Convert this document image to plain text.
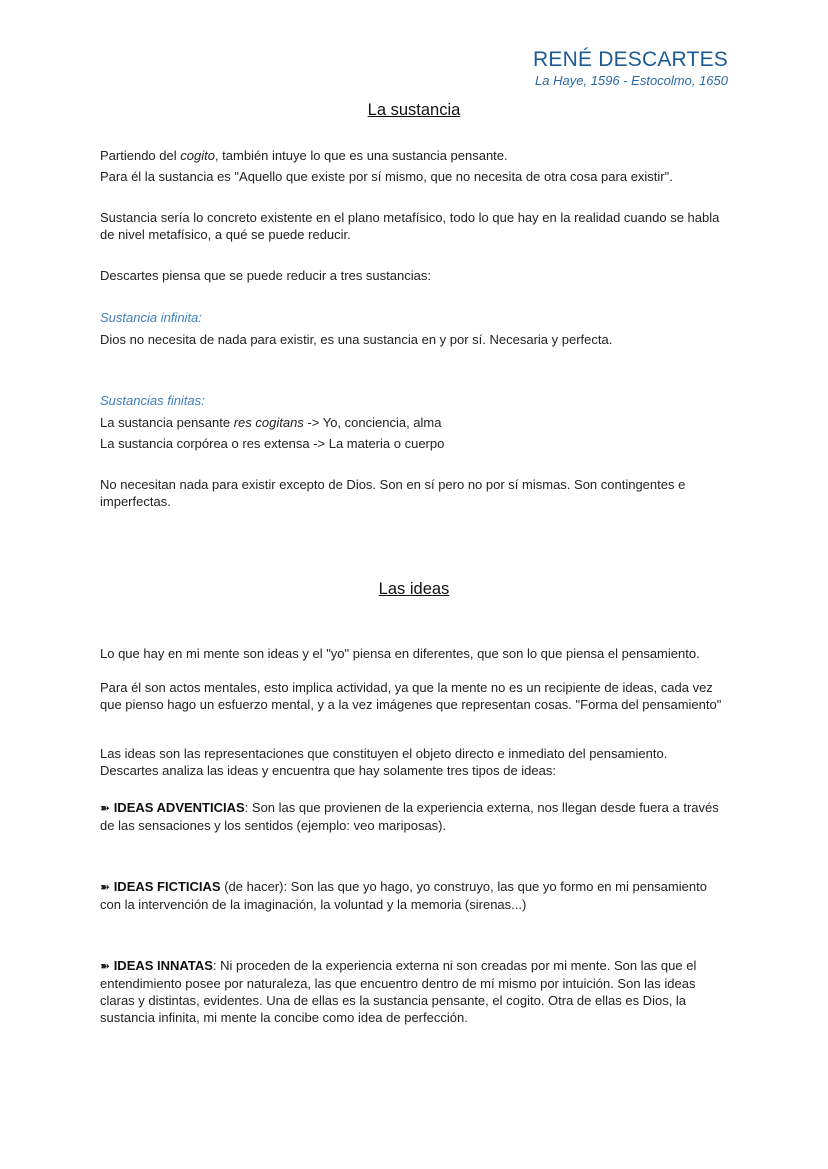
RENÉ DESCARTES
La Haye, 1596 - Estocolmo, 1650
La sustancia
Partiendo del cogito, también intuye lo que es una sustancia pensante.
Para él la sustancia es "Aquello que existe por sí mismo, que no necesita de otra cosa para existir".
Sustancia sería lo concreto existente en el plano metafísico, todo lo que hay en la realidad cuando se habla de nivel metafísico, a qué se puede reducir.
Descartes piensa que se puede reducir a tres sustancias:
Sustancia infinita:
Dios no necesita de nada para existir, es una sustancia en y por sí. Necesaria y perfecta.
Sustancias finitas:
La sustancia pensante res cogitans -> Yo, conciencia, alma
La sustancia corpórea o res extensa -> La materia o cuerpo
No necesitan nada para existir excepto de Dios. Son en sí pero no por sí mismas. Son contingentes e imperfectas.
Las ideas
Lo que hay en mi mente son ideas y el "yo" piensa en diferentes, que son lo que piensa el pensamiento.
Para él son actos mentales, esto implica actividad, ya que la mente no es un recipiente de ideas, cada vez que pienso hago un esfuerzo mental, y a la vez imágenes que representan cosas. "Forma del pensamiento"
Las ideas son las representaciones que constituyen el objeto directo e inmediato del pensamiento.
Descartes analiza las ideas y encuentra que hay solamente tres tipos de ideas:
➽ IDEAS ADVENTICIAS: Son las que provienen de la experiencia externa, nos llegan desde fuera a través de las sensaciones y los sentidos (ejemplo: veo mariposas).
➽ IDEAS FICTICIAS (de hacer): Son las que yo hago, yo construyo, las que yo formo en mi pensamiento con la intervención de la imaginación, la voluntad y la memoria (sirenas...)
➽ IDEAS INNATAS: Ni proceden de la experiencia externa ni son creadas por mi mente. Son las que el entendimiento posee por naturaleza, las que encuentro dentro de mí mismo por intuición. Son las ideas claras y distintas, evidentes. Una de ellas es la sustancia pensante, el cogito. Otra de ellas es Dios, la sustancia infinita, mi mente la concibe como idea de perfección.
